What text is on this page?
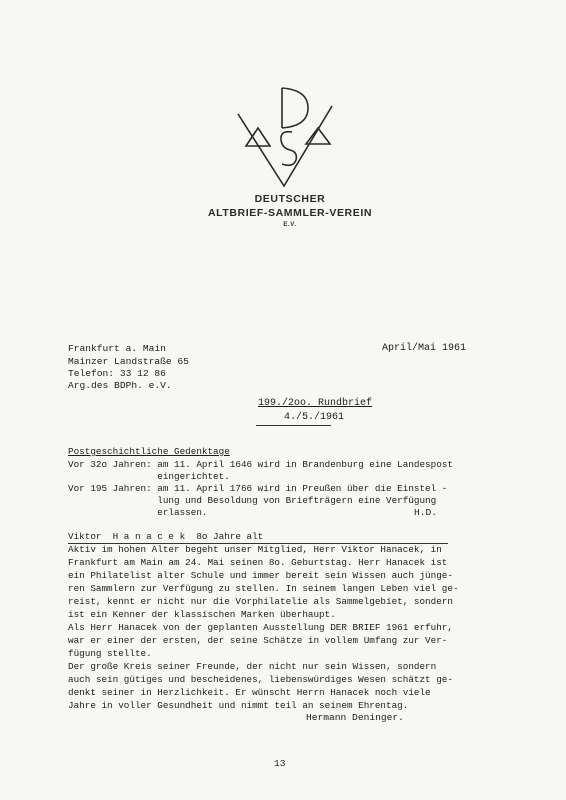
DEUTSCHER
ALTBRIEF-SAMMLER-VEREIN
E.V.
Frankfurt a. Main
Mainzer Landstraße 65
Telefon: 33 12 86
Arg.des BDPh. e.V.
April/Mai 1961
199./2oo. Rundbrief
4./5./1961
Postgeschichtliche Gedenktage
Vor 32o Jahren: am 11. April 1646 wird in Brandenburg eine Landespost
eingerichtet.
Vor 195 Jahren: am 11. April 1766 wird in Preußen über die Einstel -
lung und Besoldung von Briefträgern eine Verfügung
erlassen.	H.D.
Viktor  H a n a c e k  8o Jahre alt
Aktiv im hohen Alter begeht unser Mitglied, Herr Viktor Hanacek, in
Frankfurt am Main am 24. Mai seinen 8o. Geburtstag. Herr Hanacek ist
ein Philatelist alter Schule und immer bereit sein Wissen auch jünge-
ren Sammlern zur Verfügung zu stellen. In seinem langen Leben viel ge-
reist, kennt er nicht nur die Vorphilatelie als Sammelgebiet, sondern
ist ein Kenner der klassischen Marken überhaupt.
Als Herr Hanacek von der geplanten Ausstellung DER BRIEF 1961 erfuhr,
war er einer der ersten, der seine Schätze in vollem Umfang zur Ver-
fügung stellte.
Der große Kreis seiner Freunde, der nicht nur sein Wissen, sondern
auch sein gütiges und bescheidenes, liebenswürdiges Wesen schätzt ge-
denkt seiner in Herzlichkeit. Er wünscht Herrn Hanacek noch viele
Jahre in voller Gesundheit und nimmt teil an seinem Ehrentag.
Hermann Deninger.
13
